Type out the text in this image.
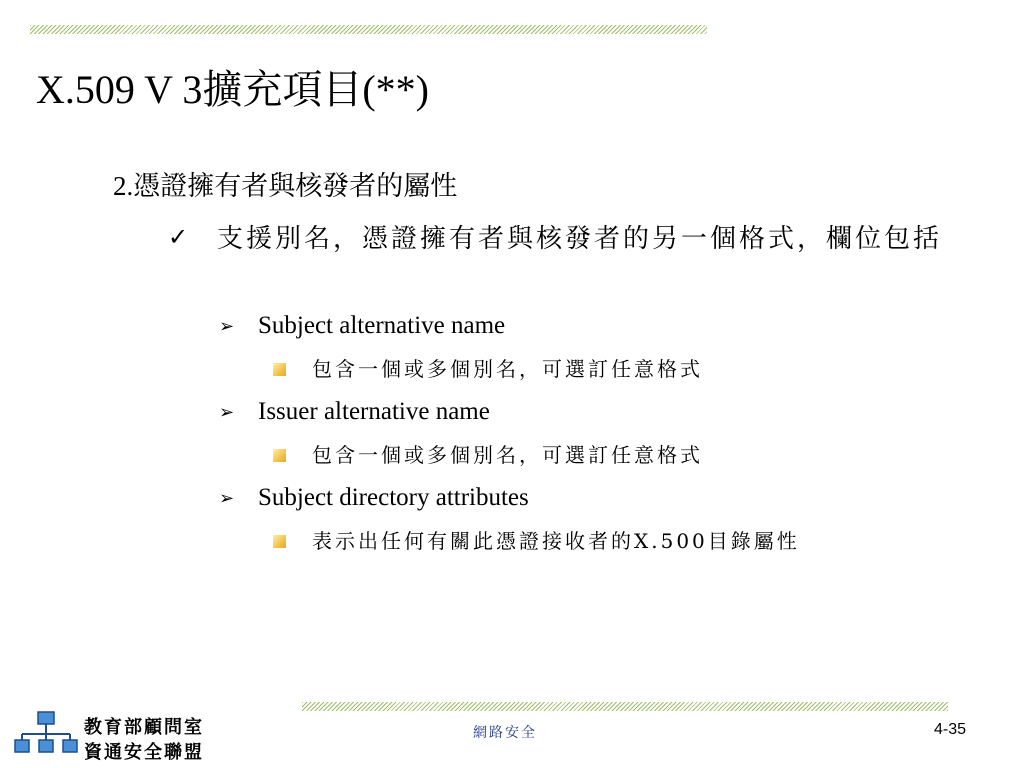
X.509 V 3擴充項目(**)
2.憑證擁有者與核發者的屬性
✓ 支援別名，憑證擁有者與核發者的另一個格式，欄位包括
➢ Subject alternative name
包含一個或多個別名，可選訂任意格式
➢ Issuer alternative name
包含一個或多個別名，可選訂任意格式
➢ Subject directory attributes
表示出任何有關此憑證接收者的X.500目錄屬性
教育部顧問室
資通安全聯盟
網路安全	4-35
